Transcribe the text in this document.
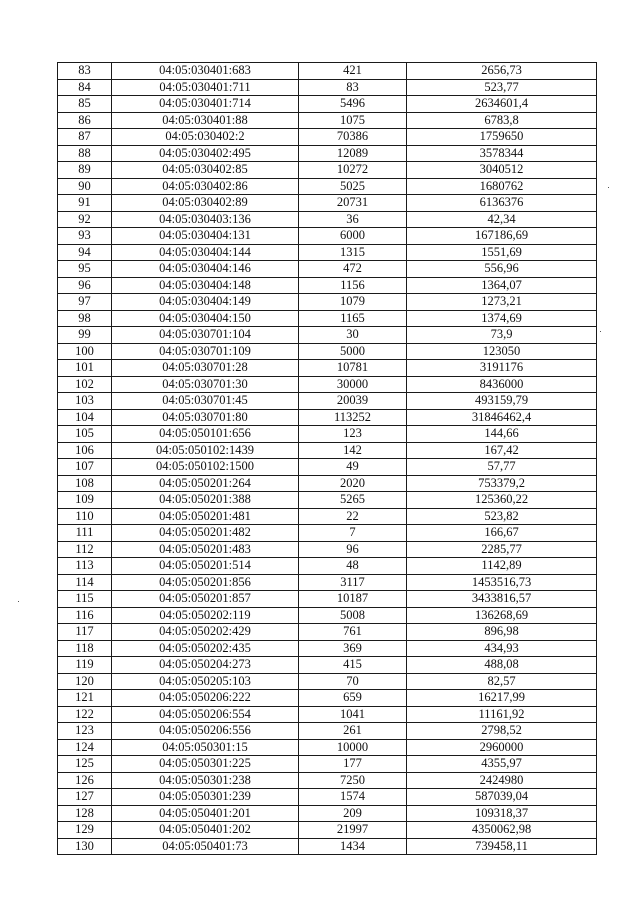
83	04:05:030401:683	421	2656,73
84	04:05:030401:711	83	523,77
85	04:05:030401:714	5496	2634601,4
86	04:05:030401:88	1075	6783,8
87	04:05:030402:2	70386	1759650
88	04:05:030402:495	12089	3578344
89	04:05:030402:85	10272	3040512
90	04:05:030402:86	5025	1680762
91	04:05:030402:89	20731	6136376
92	04:05:030403:136	36	42,34
93	04:05:030404:131	6000	167186,69
94	04:05:030404:144	1315	1551,69
95	04:05:030404:146	472	556,96
96	04:05:030404:148	1156	1364,07
97	04:05:030404:149	1079	1273,21
98	04:05:030404:150	1165	1374,69
99	04:05:030701:104	30	73,9
100	04:05:030701:109	5000	123050
101	04:05:030701:28	10781	3191176
102	04:05:030701:30	30000	8436000
103	04:05:030701:45	20039	493159,79
104	04:05:030701:80	113252	31846462,4
105	04:05:050101:656	123	144,66
106	04:05:050102:1439	142	167,42
107	04:05:050102:1500	49	57,77
108	04:05:050201:264	2020	753379,2
109	04:05:050201:388	5265	125360,22
110	04:05:050201:481	22	523,82
111	04:05:050201:482	7	166,67
112	04:05:050201:483	96	2285,77
113	04:05:050201:514	48	1142,89
114	04:05:050201:856	3117	1453516,73
115	04:05:050201:857	10187	3433816,57
116	04:05:050202:119	5008	136268,69
117	04:05:050202:429	761	896,98
118	04:05:050202:435	369	434,93
119	04:05:050204:273	415	488,08
120	04:05:050205:103	70	82,57
121	04:05:050206:222	659	16217,99
122	04:05:050206:554	1041	11161,92
123	04:05:050206:556	261	2798,52
124	04:05:050301:15	10000	2960000
125	04:05:050301:225	177	4355,97
126	04:05:050301:238	7250	2424980
127	04:05:050301:239	1574	587039,04
128	04:05:050401:201	209	109318,37
129	04:05:050401:202	21997	4350062,98
130	04:05:050401:73	1434	739458,11
